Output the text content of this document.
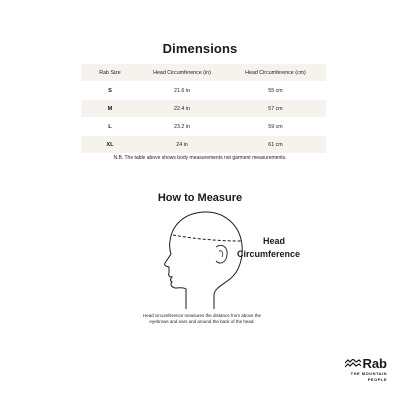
Dimensions
Rab Size	Head Circumference (in)	Head Circumference (cm)
S	21.6 in	55 cm
M	22.4 in	57 cm
L	23.2 in	59 cm
XL	24 in	61 cm
N.B. The table above shows body measurements not garment measurements.
How to Measure
Head
Circumference
Head circumference measures the distance from above the eyebrows and ears and around the back of the head.
Rab
THE MOUNTAIN
PEOPLE
